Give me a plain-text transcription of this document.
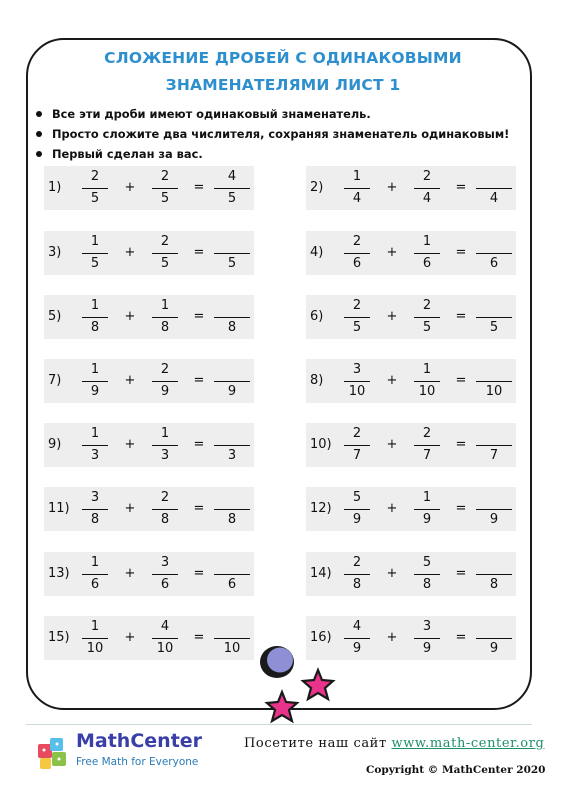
СЛОЖЕНИЕ ДРОБЕЙ С ОДИНАКОВЫМИ
ЗНАМЕНАТЕЛЯМИ ЛИСТ 1
Все эти дроби имеют одинаковый знаменатель.
Просто сложите два числителя, сохраняя знаменатель одинаковым!
Первый сделан за вас.
1)
2
5
+
2
5
=
4
5
2)
1
4
+
2
4
=
4
3)
1
5
+
2
5
=
5
4)
2
6
+
1
6
=
6
5)
1
8
+
1
8
=
8
6)
2
5
+
2
5
=
5
7)
1
9
+
2
9
=
9
8)
3
10
+
1
10
=
10
9)
1
3
+
1
3
=
3
10)
2
7
+
2
7
=
7
11)
3
8
+
2
8
=
8
12)
5
9
+
1
9
=
9
13)
1
6
+
3
6
=
6
14)
2
8
+
5
8
=
8
15)
1
10
+
4
10
=
10
16)
4
9
+
3
9
=
9
MathCenter
Free Math for Everyone
Посетите наш сайт www.math-center.org
Copyright © MathCenter 2020
